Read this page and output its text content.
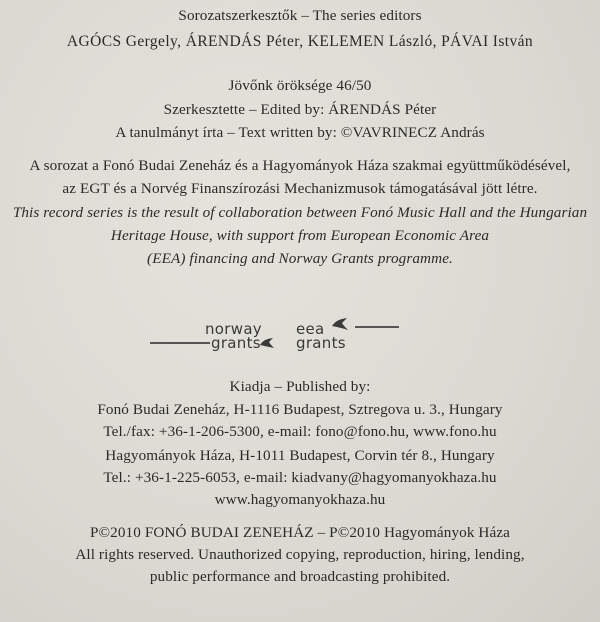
Sorozatszerkesztők – The series editors
AGÓCS Gergely, ÁRENDÁS Péter, KELEMEN László, PÁVAI István
Jövőnk öröksége 46/50
Szerkesztette – Edited by: ÁRENDÁS Péter
A tanulmányt írta – Text written by: ©VAVRINECZ András
A sorozat a Fonó Budai Zeneház és a Hagyományok Háza szakmai együttműködésével,
az EGT és a Norvég Finanszírozási Mechanizmusok támogatásával jött létre.
This record series is the result of collaboration between Fonó Music Hall and the Hungarian
Heritage House, with support from European Economic Area
(EEA) financing and Norway Grants programme.
norway
grants
eea
grants
Kiadja – Published by:
Fonó Budai Zeneház, H-1116 Budapest, Sztregova u. 3., Hungary
Tel./fax: +36-1-206-5300, e-mail: fono@fono.hu, www.fono.hu
Hagyományok Háza, H-1011 Budapest, Corvin tér 8., Hungary
Tel.: +36-1-225-6053, e-mail: kiadvany@hagyomanyokhaza.hu
www.hagyomanyokhaza.hu
P©2010 FONÓ BUDAI ZENEHÁZ – P©2010 Hagyományok Háza
All rights reserved. Unauthorized copying, reproduction, hiring, lending,
public performance and broadcasting prohibited.
